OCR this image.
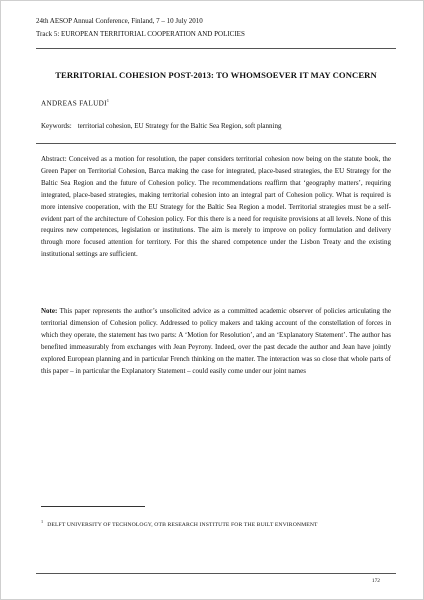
24th AESOP Annual Conference, Finland, 7 – 10 July 2010
Track 5: EUROPEAN TERRITORIAL COOPERATION AND POLICIES
TERRITORIAL COHESION POST-2013: TO WHOMSOEVER IT MAY CONCERN
ANDREAS FALUDI$^1$
Keywords: territorial cohesion, EU Strategy for the Baltic Sea Region, soft planning

Abstract: Conceived as a motion for resolution, the paper considers territorial cohesion now being on the statute book, the Green Paper on Territorial Cohesion, Barca making the case for integrated, place-based strategies, the EU Strategy for the Baltic Sea Region and the future of Cohesion policy. The recommendations reaffirm that ‘geography matters’, requiring integrated, place-based strategies, making territorial cohesion into an integral part of Cohesion policy. What is required is more intensive cooperation, with the EU Strategy for the Baltic Sea Region a model. Territorial strategies must be a self-evident part of the architecture of Cohesion policy. For this there is a need for requisite provisions at all levels. None of this requires new competences, legislation or institutions. The aim is merely to improve on policy formulation and delivery through more focused attention for territory. For this the shared competence under the Lisbon Treaty and the existing institutional settings are sufficient.

Note: This paper represents the author’s unsolicited advice as a committed academic observer of policies articulating the territorial dimension of Cohesion policy. Addressed to policy makers and taking account of the constellation of forces in which they operate, the statement has two parts: A ‘Motion for Resolution’, and an ‘Explanatory Statement’. The author has benefited immeasurably from exchanges with Jean Peyrony. Indeed, over the past decade the author and Jean have jointly explored European planning and in particular French thinking on the matter. The interaction was so close that whole parts of this paper – in particular the Explanatory Statement – could easily come under our joint names

$^1$DELFT UNIVERSITY OF TECHNOLOGY, OTB RESEARCH INSTITUTE FOR THE BUILT ENVIRONMENT
172
